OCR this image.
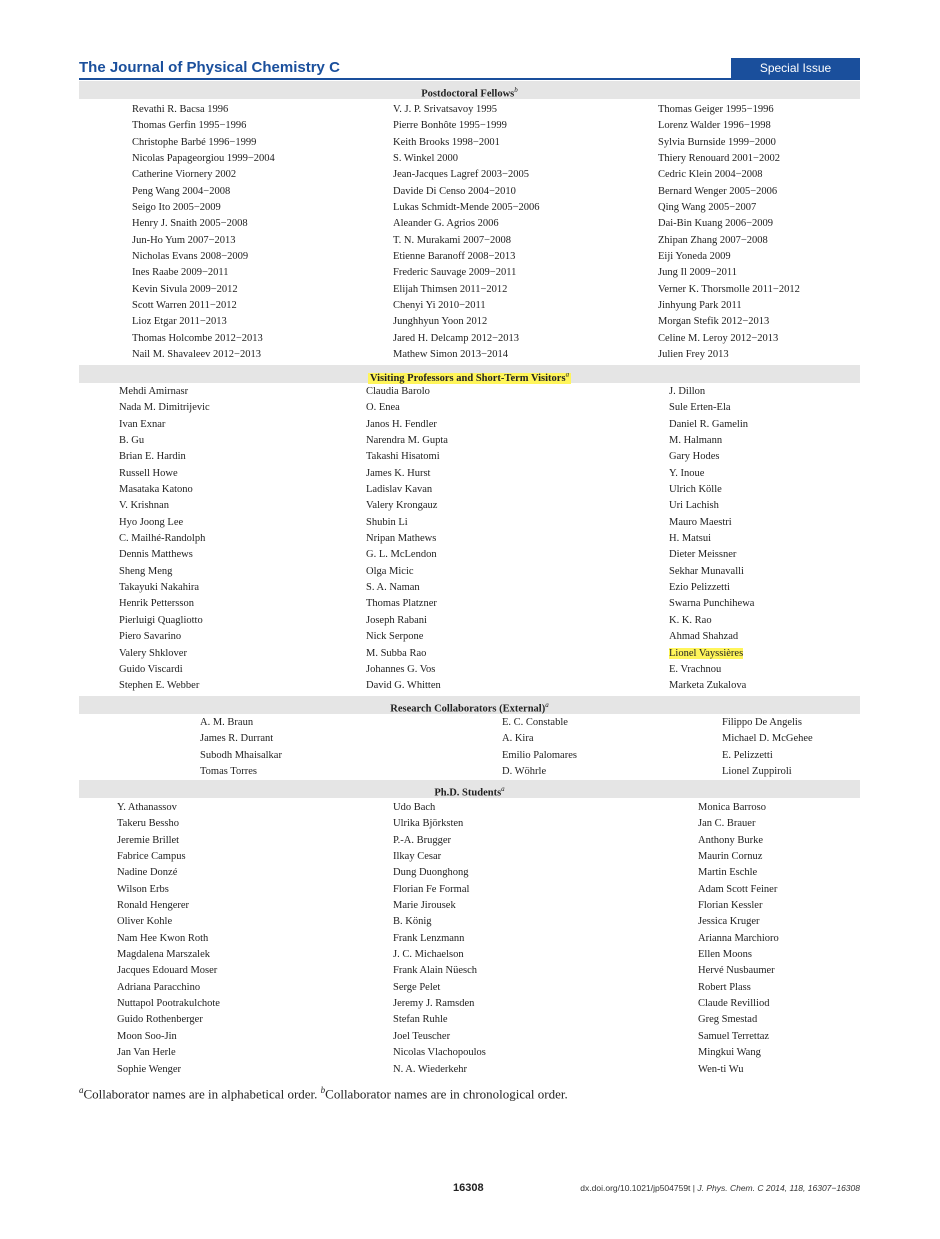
The Journal of Physical Chemistry C	Special Issue
Postdoctoral Fellows$^b$
Revathi R. Bacsa 1996
Thomas Gerfin 1995−1996
Christophe Barbé 1996−1999
Nicolas Papageorgiou 1999−2004
Catherine Viornery 2002
Peng Wang 2004−2008
Seigo Ito 2005−2009
Henry J. Snaith 2005−2008
Jun-Ho Yum 2007−2013
Nicholas Evans 2008−2009
Ines Raabe 2009−2011
Kevin Sivula 2009−2012
Scott Warren 2011−2012
Lioz Etgar 2011−2013
Thomas Holcombe 2012−2013
Nail M. Shavaleev 2012−2013
V. J. P. Srivatsavoy 1995
Pierre Bonhôte 1995−1999
Keith Brooks 1998−2001
S. Winkel 2000
Jean-Jacques Lagref 2003−2005
Davide Di Censo 2004−2010
Lukas Schmidt-Mende 2005−2006
Aleander G. Agrios 2006
T. N. Murakami 2007−2008
Etienne Baranoff 2008−2013
Frederic Sauvage 2009−2011
Elijah Thimsen 2011−2012
Chenyi Yi 2010−2011
Junghhyun Yoon 2012
Jared H. Delcamp 2012−2013
Mathew Simon 2013−2014
Thomas Geiger 1995−1996
Lorenz Walder 1996−1998
Sylvia Burnside 1999−2000
Thiery Renouard 2001−2002
Cedric Klein 2004−2008
Bernard Wenger 2005−2006
Qing Wang 2005−2007
Dai-Bin Kuang 2006−2009
Zhipan Zhang 2007−2008
Eiji Yoneda 2009
Jung Il 2009−2011
Verner K. Thorsmolle 2011−2012
Jinhyung Park 2011
Morgan Stefik 2012−2013
Celine M. Leroy 2012−2013
Julien Frey 2013
Visiting Professors and Short-Term Visitors$^a$
Mehdi Amirnasr
Nada M. Dimitrijevic
Ivan Exnar
B. Gu
Brian E. Hardin
Russell Howe
Masataka Katono
V. Krishnan
Hyo Joong Lee
C. Mailhé-Randolph
Dennis Matthews
Sheng Meng
Takayuki Nakahira
Henrik Pettersson
Pierluigi Quagliotto
Piero Savarino
Valery Shklover
Guido Viscardi
Stephen E. Webber
Claudia Barolo
O. Enea
Janos H. Fendler
Narendra M. Gupta
Takashi Hisatomi
James K. Hurst
Ladislav Kavan
Valery Krongauz
Shubin Li
Nripan Mathews
G. L. McLendon
Olga Micic
S. A. Naman
Thomas Platzner
Joseph Rabani
Nick Serpone
M. Subba Rao
Johannes G. Vos
David G. Whitten
J. Dillon
Sule Erten-Ela
Daniel R. Gamelin
M. Halmann
Gary Hodes
Y. Inoue
Ulrich Kölle
Uri Lachish
Mauro Maestri
H. Matsui
Dieter Meissner
Sekhar Munavalli
Ezio Pelizzetti
Swarna Punchihewa
K. K. Rao
Ahmad Shahzad
Lionel Vayssières
E. Vrachnou
Marketa Zukalova
Research Collaborators (External)$^a$
A. M. Braun
James R. Durrant
Subodh Mhaisalkar
Tomas Torres
E. C. Constable
A. Kira
Emilio Palomares
D. Wöhrle
Filippo De Angelis
Michael D. McGehee
E. Pelizzetti
Lionel Zuppiroli
Ph.D. Students$^a$
Y. Athanassov
Takeru Bessho
Jeremie Brillet
Fabrice Campus
Nadine Donzé
Wilson Erbs
Ronald Hengerer
Oliver Kohle
Nam Hee Kwon Roth
Magdalena Marszalek
Jacques Edouard Moser
Adriana Paracchino
Nuttapol Pootrakulchote
Guido Rothenberger
Moon Soo-Jin
Jan Van Herle
Sophie Wenger
Udo Bach
Ulrika Björksten
P.-A. Brugger
Ilkay Cesar
Dung Duonghong
Florian Fe Formal
Marie Jirousek
B. König
Frank Lenzmann
J. C. Michaelson
Frank Alain Nüesch
Serge Pelet
Jeremy J. Ramsden
Stefan Ruhle
Joel Teuscher
Nicolas Vlachopoulos
N. A. Wiederkehr
Monica Barroso
Jan C. Brauer
Anthony Burke
Maurin Cornuz
Martin Eschle
Adam Scott Feiner
Florian Kessler
Jessica Kruger
Arianna Marchioro
Ellen Moons
Hervé Nusbaumer
Robert Plass
Claude Revilliod
Greg Smestad
Samuel Terrettaz
Mingkui Wang
Wen-ti Wu
$^a$Collaborator names are in alphabetical order. $^b$Collaborator names are in chronological order.
16308	dx.doi.org/10.1021/jp504759t | J. Phys. Chem. C 2014, 118, 16307−16308
